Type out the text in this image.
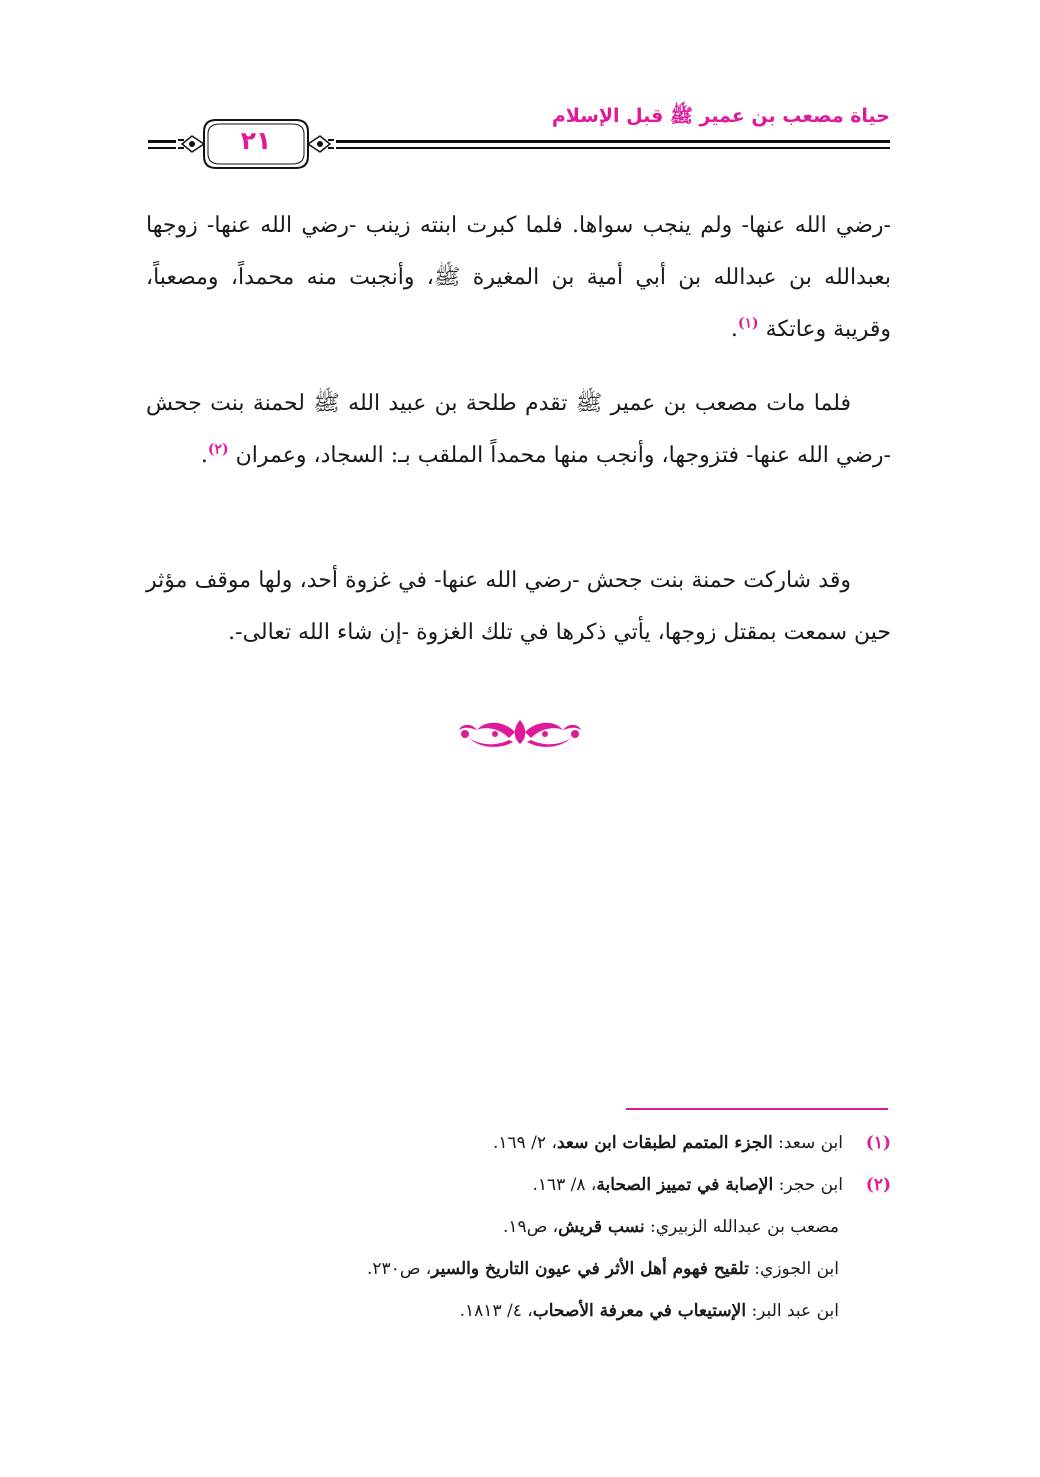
حياة مصعب بن عمير ﷺ قبل الإسلام
٢١

-رضي الله عنها- ولم ينجب سواها. فلما كبرت ابنته زينب -رضي الله عنها- زوجها بعبدالله بن عبدالله بن أبي أمية بن المغيرة ﷺ، وأنجبت منه محمداً، ومصعباً، وقريبة وعاتكة $^{(١)}$.

فلما مات مصعب بن عمير ﷺ تقدم طلحة بن عبيد الله ﷺ لحمنة بنت جحش -رضي الله عنها- فتزوجها، وأنجب منها محمداً الملقب بـ: السجاد، وعمران $^{(٢)}$.

وقد شاركت حمنة بنت جحش -رضي الله عنها- في غزوة أحد، ولها موقف مؤثر حين سمعت بمقتل زوجها، يأتي ذكرها في تلك الغزوة -إن شاء الله تعالى-.

(١)ابن سعد: الجزء المتمم لطبقات ابن سعد، ٢/ ١٦٩.
(٢)ابن حجر: الإصابة في تمييز الصحابة، ٨/ ١٦٣.
مصعب بن عبدالله الزبيري: نسب قريش، ص١٩.
ابن الجوزي: تلقيح فهوم أهل الأثر في عيون التاريخ والسير، ص٢٣٠.
ابن عبد البر: الإستيعاب في معرفة الأصحاب، ٤/ ١٨١٣.
